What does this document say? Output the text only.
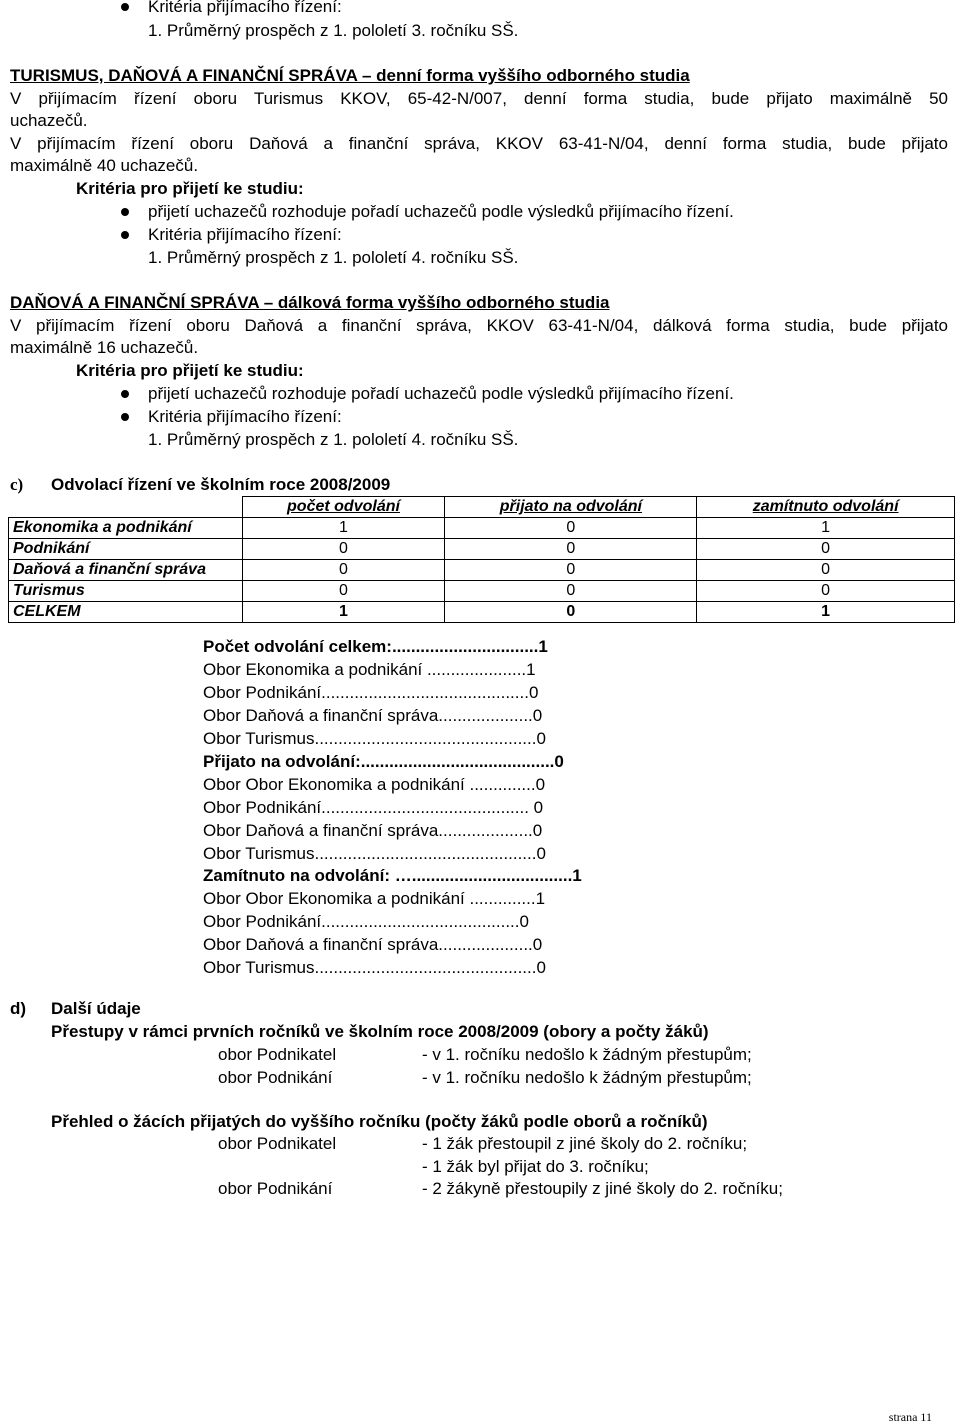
Kritéria přijímacího řízení:
1. Průměrný prospěch z 1. pololetí 3. ročníku SŠ.
TURISMUS, DAŇOVÁ A FINANČNÍ SPRÁVA – denní forma vyššího odborného studia
V přijímacím řízení oboru Turismus KKOV, 65-42-N/007, denní forma studia, bude přijato maximálně 50
uchazečů.
V přijímacím řízení oboru Daňová a finanční správa, KKOV 63-41-N/04, denní forma studia, bude přijato
maximálně 40 uchazečů.
Kritéria pro přijetí ke studiu:
přijetí uchazečů rozhoduje pořadí uchazečů podle výsledků přijímacího řízení.
Kritéria přijímacího řízení:
1. Průměrný prospěch z 1. pololetí 4. ročníku SŠ.
DAŇOVÁ A FINANČNÍ SPRÁVA – dálková forma vyššího odborného studia
V přijímacím řízení oboru Daňová a finanční správa, KKOV 63-41-N/04, dálková forma studia, bude přijato
maximálně 16 uchazečů.
Kritéria pro přijetí ke studiu:
přijetí uchazečů rozhoduje pořadí uchazečů podle výsledků přijímacího řízení.
Kritéria přijímacího řízení:
1. Průměrný prospěch z 1. pololetí 4. ročníku SŠ.
c) Odvolací řízení ve školním roce 2008/2009
	počet odvolání	přijato na odvolání	zamítnuto odvolání
Ekonomika a podnikání	1	0	1
Podnikání	0	0	0
Daňová a finanční správa	0	0	0
Turismus	0	0	0
CELKEM	1	0	1
Počet odvolání celkem:...............................1
Obor Ekonomika a podnikání .....................1
Obor Podnikání............................................0
Obor Daňová a finanční správa....................0
Obor Turismus...............................................0
Přijato na odvolání:.........................................0
Obor Obor Ekonomika a podnikání ..............0
Obor Podnikání............................................ 0
Obor Daňová a finanční správa....................0
Obor Turismus...............................................0
Zamítnuto na odvolání: …..................................1
Obor Obor Ekonomika a podnikání ..............1
Obor Podnikání..........................................0
Obor Daňová a finanční správa....................0
Obor Turismus...............................................0
d) Další údaje
Přestupy v rámci prvních ročníků ve školním roce 2008/2009 (obory a počty žáků)
obor Podnikatel	- v 1. ročníku nedošlo k žádným přestupům;
obor Podnikání	- v 1. ročníku nedošlo k žádným přestupům;
Přehled o žácích přijatých do vyššího ročníku (počty žáků podle oborů a ročníků)
obor Podnikatel	- 1 žák přestoupil z jiné školy do 2. ročníku;
- 1 žák byl přijat do 3. ročníku;
obor Podnikání	- 2 žákyně přestoupily z jiné školy do 2. ročníku;
strana 11
